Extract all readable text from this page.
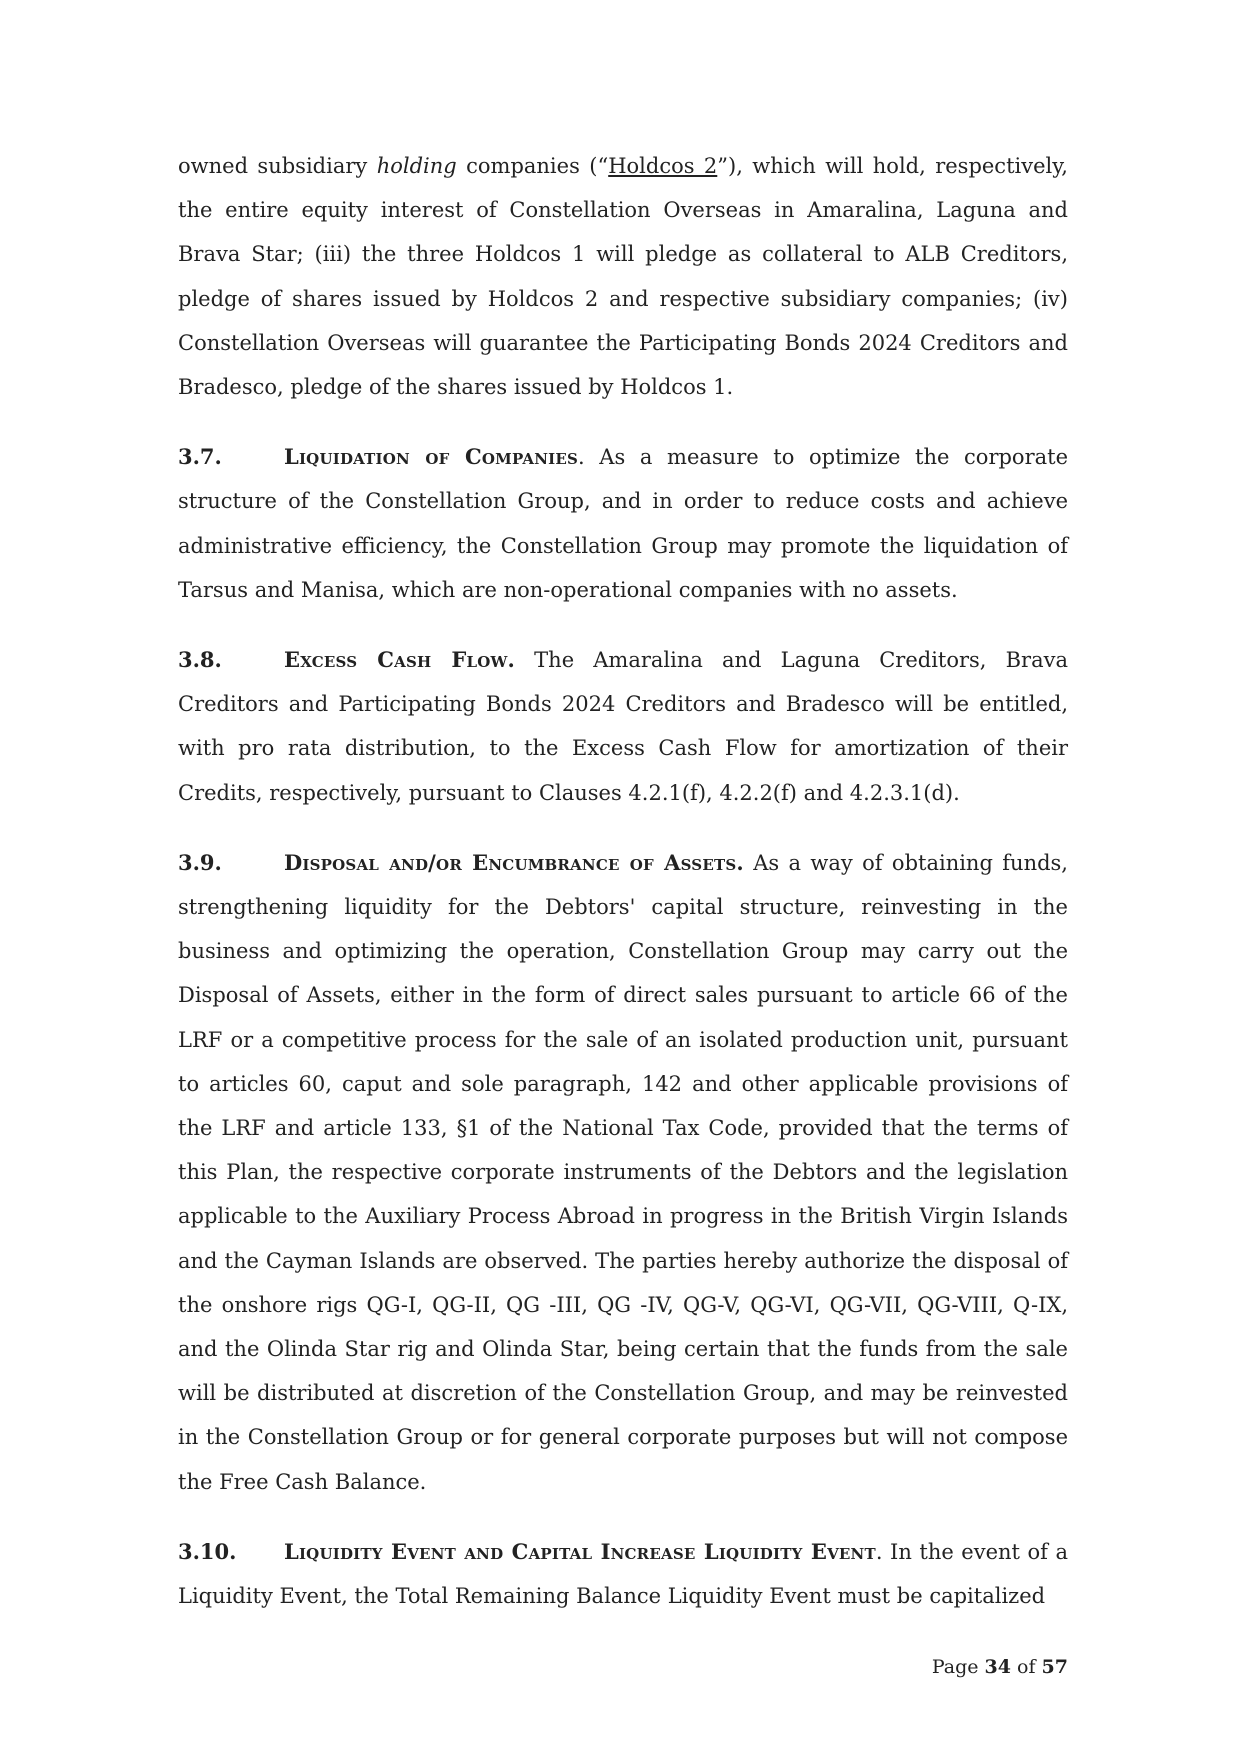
owned subsidiary holding companies (“Holdcos 2”), which will hold, respectively, the entire equity interest of Constellation Overseas in Amaralina, Laguna and Brava Star; (iii) the three Holdcos 1 will pledge as collateral to ALB Creditors, pledge of shares issued by Holdcos 2 and respective subsidiary companies; (iv) Constellation Overseas will guarantee the Participating Bonds 2024 Creditors and Bradesco, pledge of the shares issued by Holdcos 1.

3.7.	Liquidation of Companies. As a measure to optimize the corporate structure of the Constellation Group, and in order to reduce costs and achieve administrative efficiency, the Constellation Group may promote the liquidation of Tarsus and Manisa, which are non-operational companies with no assets.

3.8.	Excess Cash Flow. The Amaralina and Laguna Creditors, Brava Creditors and Participating Bonds 2024 Creditors and Bradesco will be entitled, with pro rata distribution, to the Excess Cash Flow for amortization of their Credits, respectively, pursuant to Clauses 4.2.1(f), 4.2.2(f) and 4.2.3.1(d).

3.9.	Disposal and/or Encumbrance of Assets. As a way of obtaining funds, strengthening liquidity for the Debtors' capital structure, reinvesting in the business and optimizing the operation, Constellation Group may carry out the Disposal of Assets, either in the form of direct sales pursuant to article 66 of the LRF or a competitive process for the sale of an isolated production unit, pursuant to articles 60, caput and sole paragraph, 142 and other applicable provisions of the LRF and article 133, §1 of the National Tax Code, provided that the terms of this Plan, the respective corporate instruments of the Debtors and the legislation applicable to the Auxiliary Process Abroad in progress in the British Virgin Islands and the Cayman Islands are observed. The parties hereby authorize the disposal of the onshore rigs QG-I, QG-II, QG -III, QG -IV, QG-V, QG-VI, QG-VII, QG-VIII, Q-IX, and the Olinda Star rig and Olinda Star, being certain that the funds from the sale will be distributed at discretion of the Constellation Group, and may be reinvested in the Constellation Group or for general corporate purposes but will not compose the Free Cash Balance.

3.10. Liquidity Event and Capital Increase Liquidity Event. In the event of a Liquidity Event, the Total Remaining Balance Liquidity Event must be capitalized

Page 34 of 57
